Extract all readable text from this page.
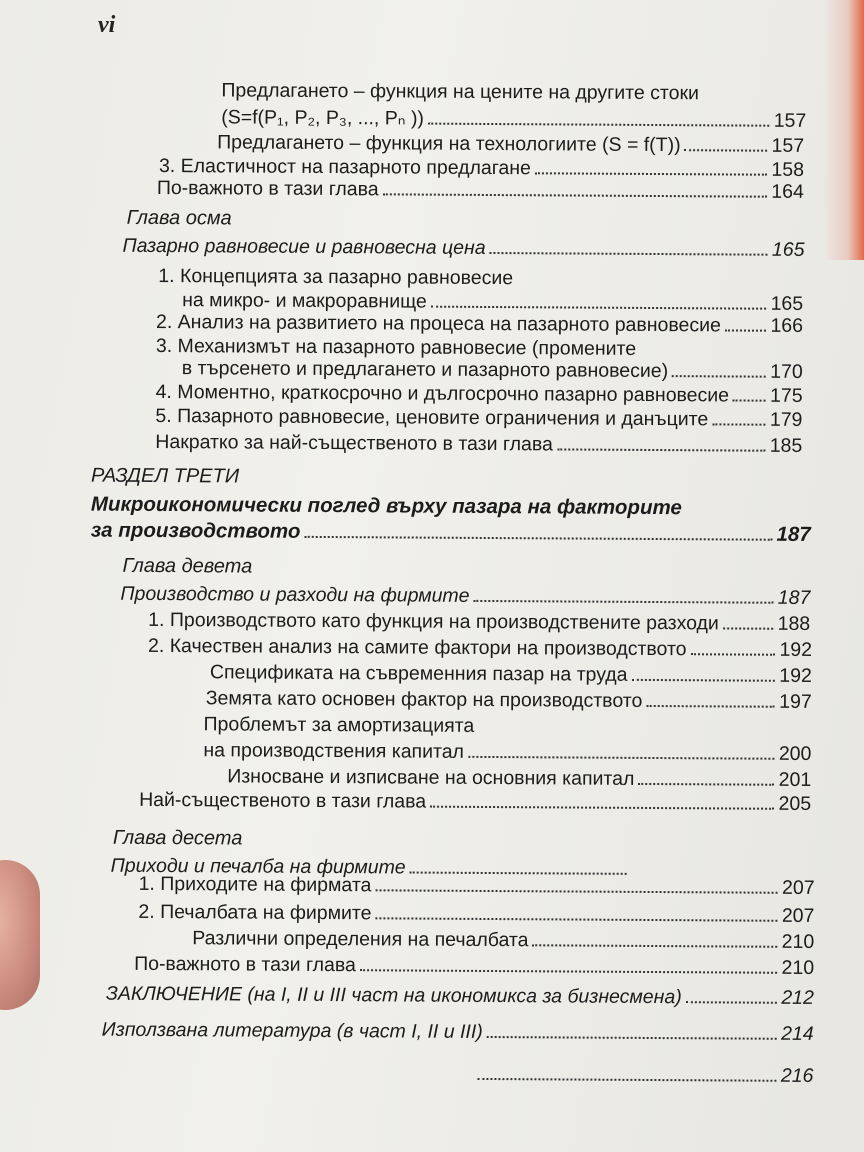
vi
Предлагането – функция на цените на другите стоки
(S=f(P₁, P₂, P₃, ..., Pₙ ))	157
Предлагането – функция на технологиите (S = f(T))	157
3. Еластичност на пазарното предлагане	158
По-важното в тази глава	164
Глава осма
Пазарно равновесие и равновесна цена	165
1. Концепцията за пазарно равновесие
на микро- и макроравнище	165
2. Анализ на развитието на процеса на пазарното равновесие	166
3. Механизмът на пазарното равновесие (промените
в търсенето и предлагането и пазарното равновесие)	170
4. Моментно, краткосрочно и дългосрочно пазарно равновесие 175
5. Пазарното равновесие, ценовите ограничения и данъците	179
Накратко за най-същественото в тази глава	185
РАЗДЕЛ ТРЕТИ
Микроикономически поглед върху пазара на факторите
за производството	187
Глава девета
Производство и разходи на фирмите	187
1. Производството като функция на производствените разходи	188
2. Качествен анализ на самите фактори на производството	192
Спецификата на съвременния пазар на труда	192
Земята като основен фактор на производството	197
Проблемът за амортизацията
на производствения капитал	200
Износване и изписване на основния капитал	201
Най-същественото в тази глава	205
Глава десета
Приходи и печалба на фирмите
1. Приходите на фирмата	207
2. Печалбата на фирмите	207
Различни определения на печалбата	210
По-важното в тази глава	210
ЗАКЛЮЧЕНИЕ (на I, II и III част на икономикса за бизнесмена)	212
Използвана литература (в част I, II и III)	214
216
